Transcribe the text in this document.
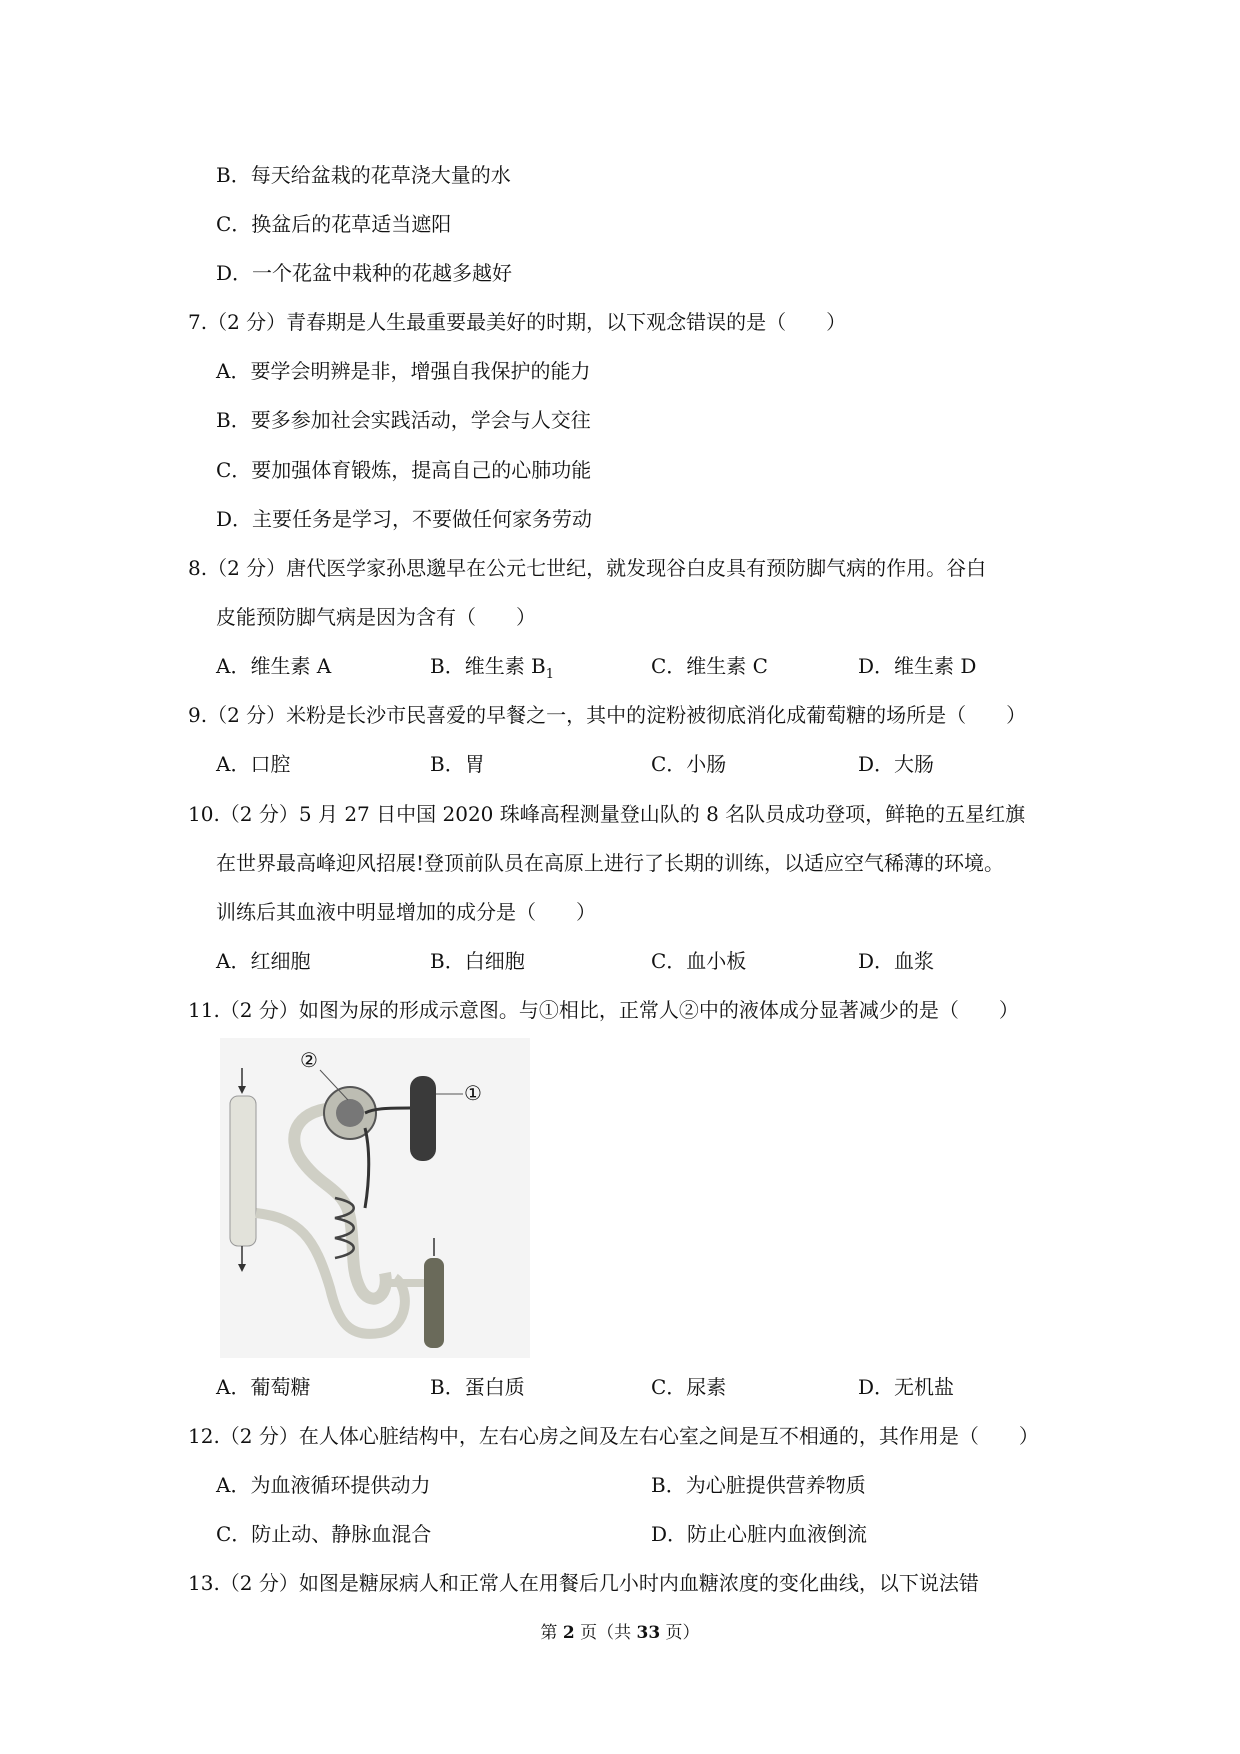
B．每天给盆栽的花草浇大量的水
C．换盆后的花草适当遮阳
D．一个花盆中栽种的花越多越好
7.（2 分）青春期是人生最重要最美好的时期，以下观念错误的是（　　）
A．要学会明辨是非，增强自我保护的能力
B．要多参加社会实践活动，学会与人交往
C．要加强体育锻炼，提高自己的心肺功能
D．主要任务是学习，不要做任何家务劳动
8.（2 分）唐代医学家孙思邈早在公元七世纪，就发现谷白皮具有预防脚气病的作用。谷白
皮能预防脚气病是因为含有（　　）
A．维生素 A	B．维生素 $B_1$	C．维生素 C	D．维生素 D
9.（2 分）米粉是长沙市民喜爱的早餐之一，其中的淀粉被彻底消化成葡萄糖的场所是（　　）
A．口腔	B．胃	C．小肠	D．大肠
10.（2 分）5 月 27 日中国 2020 珠峰高程测量登山队的 8 名队员成功登项，鲜艳的五星红旗
在世界最高峰迎风招展!登顶前队员在高原上进行了长期的训练，以适应空气稀薄的环境。
训练后其血液中明显增加的成分是（　　）
A．红细胞	B．白细胞	C．血小板	D．血浆
11.（2 分）如图为尿的形成示意图。与①相比，正常人②中的液体成分显著减少的是（　　）
②
①
A．葡萄糖	B．蛋白质	C．尿素	D．无机盐
12.（2 分）在人体心脏结构中，左右心房之间及左右心室之间是互不相通的，其作用是（　　）
A．为血液循环提供动力	B．为心脏提供营养物质
C．防止动、静脉血混合	D．防止心脏内血液倒流
13.（2 分）如图是糖尿病人和正常人在用餐后几小时内血糖浓度的变化曲线，以下说法错
第 2 页（共 33 页）
